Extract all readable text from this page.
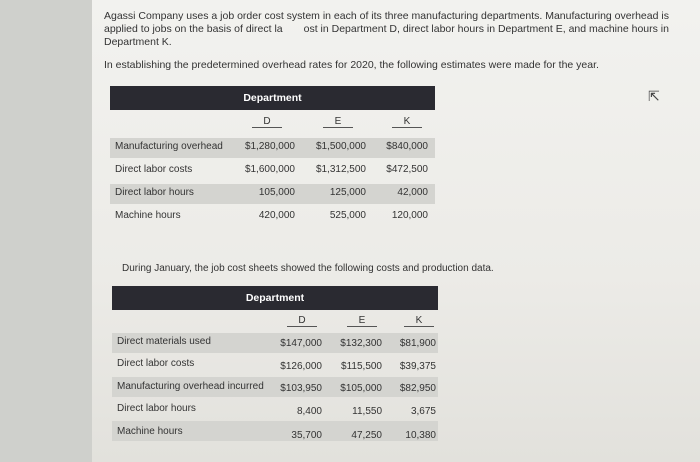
Agassi Company uses a job order cost system in each of its three manufacturing departments. Manufacturing overhead is applied to jobs on the basis of direct la  ost in Department D, direct labor hours in Department E, and machine hours in Department K.
In establishing the predetermined overhead rates for 2020, the following estimates were made for the year.
⇱
Department
D	E	K
Manufacturing overhead	$1,280,000	$1,500,000	$840,000
Direct labor costs	$1,600,000	$1,312,500	$472,500
Direct labor hours	105,000	125,000	42,000
Machine hours	420,000	525,000	120,000
During January, the job cost sheets showed the following costs and production data.
Department
D	E	K
Direct materials used	$147,000	$132,300	$81,900
Direct labor costs	$126,000	$115,500	$39,375
Manufacturing overhead incurred	$103,950	$105,000	$82,950
Direct labor hours	8,400	11,550	3,675
Machine hours	35,700	47,250	10,380
